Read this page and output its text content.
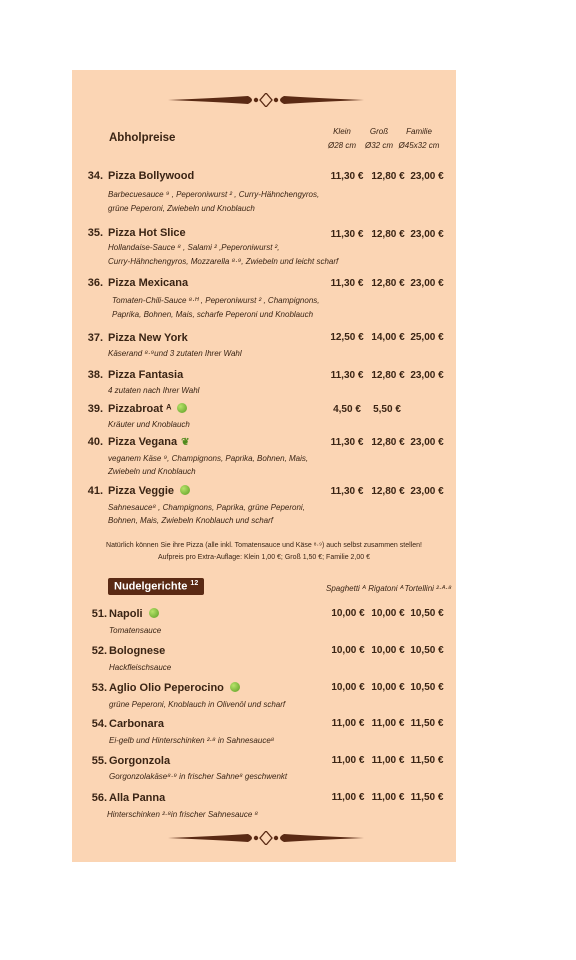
Abholpreise
Klein
Ø28 cm
Groß
Ø32 cm
Familie
Ø45x32 cm
34. Pizza Bollywood
Barbecuesauce ⁹ , Peperoniwurst ² , Curry-Hähnchengyros,
grüne Peperoni, Zwiebeln und Knoblauch
11,30 € 12,80 € 23,00 €
35. Pizza Hot Slice
Hollandaise-Sauce ⁸ , Salami ² ,Peperoniwurst ²,
Curry-Hähnchengyros, Mozzarella ⁸·⁹, Zwiebeln und leicht scharf
11,30 € 12,80 € 23,00 €
36. Pizza Mexicana
Tomaten-Chili-Sauce ⁸·ᴴ , Peperoniwurst ² , Champignons,
Paprika, Bohnen, Mais, scharfe Peperoni und Knoblauch
11,30 € 12,80 € 23,00 €
37. Pizza New York
Käserand ⁸·⁹und 3 zutaten Ihrer Wahl
12,50 € 14,00 € 25,00 €
38. Pizza Fantasia
4 zutaten nach Ihrer Wahl
11,30 € 12,80 € 23,00 €
39. Pizzabroat ᴬ
Kräuter und Knoblauch
4,50 €	5,50 €
40. Pizza Vegana ❦
veganem Käse ⁹, Champignons, Paprika, Bohnen, Mais,
Zwiebeln und Knoblauch
11,30 € 12,80 € 23,00 €
41. Pizza Veggie
Sahnesauce⁸ , Champignons, Paprika, grüne Peperoni,
Bohnen, Mais, Zwiebeln Knoblauch und scharf
11,30 € 12,80 € 23,00 €
Natürlich können Sie ihre Pizza (alle inkl. Tomatensauce und Käse ⁸·⁹) auch selbst zusammen stellen!
Aufpreis pro Extra-Auflage: Klein 1,00 €; Groß 1,50 €; Familie 2,00 €
Nudelgerichte $^{12}$
Spaghetti ᴬ Rigatoni ᴬ Tortellini ²·ᴬ·⁸
51. Napoli
Tomatensauce
10,00 € 10,00 € 10,50 €
52. Bolognese
Hackfleischsauce
10,00 € 10,00 € 10,50 €
53. Aglio Olio Peperocino
grüne Peperoni, Knoblauch in Olivenöl und scharf
10,00 € 10,00 € 10,50 €
54. Carbonara
Ei-gelb und Hinterschinken ²·⁸ in Sahnesauce⁸
11,00 € 11,00 € 11,50 €
55. Gorgonzola
Gorgonzolakäse⁸·⁹ in frischer Sahne⁸ geschwenkt
11,00 € 11,00 € 11,50 €
56. Alla Panna
Hinterschinken ²·⁸in frischer Sahnesauce ⁸
11,00 € 11,00 € 11,50 €
